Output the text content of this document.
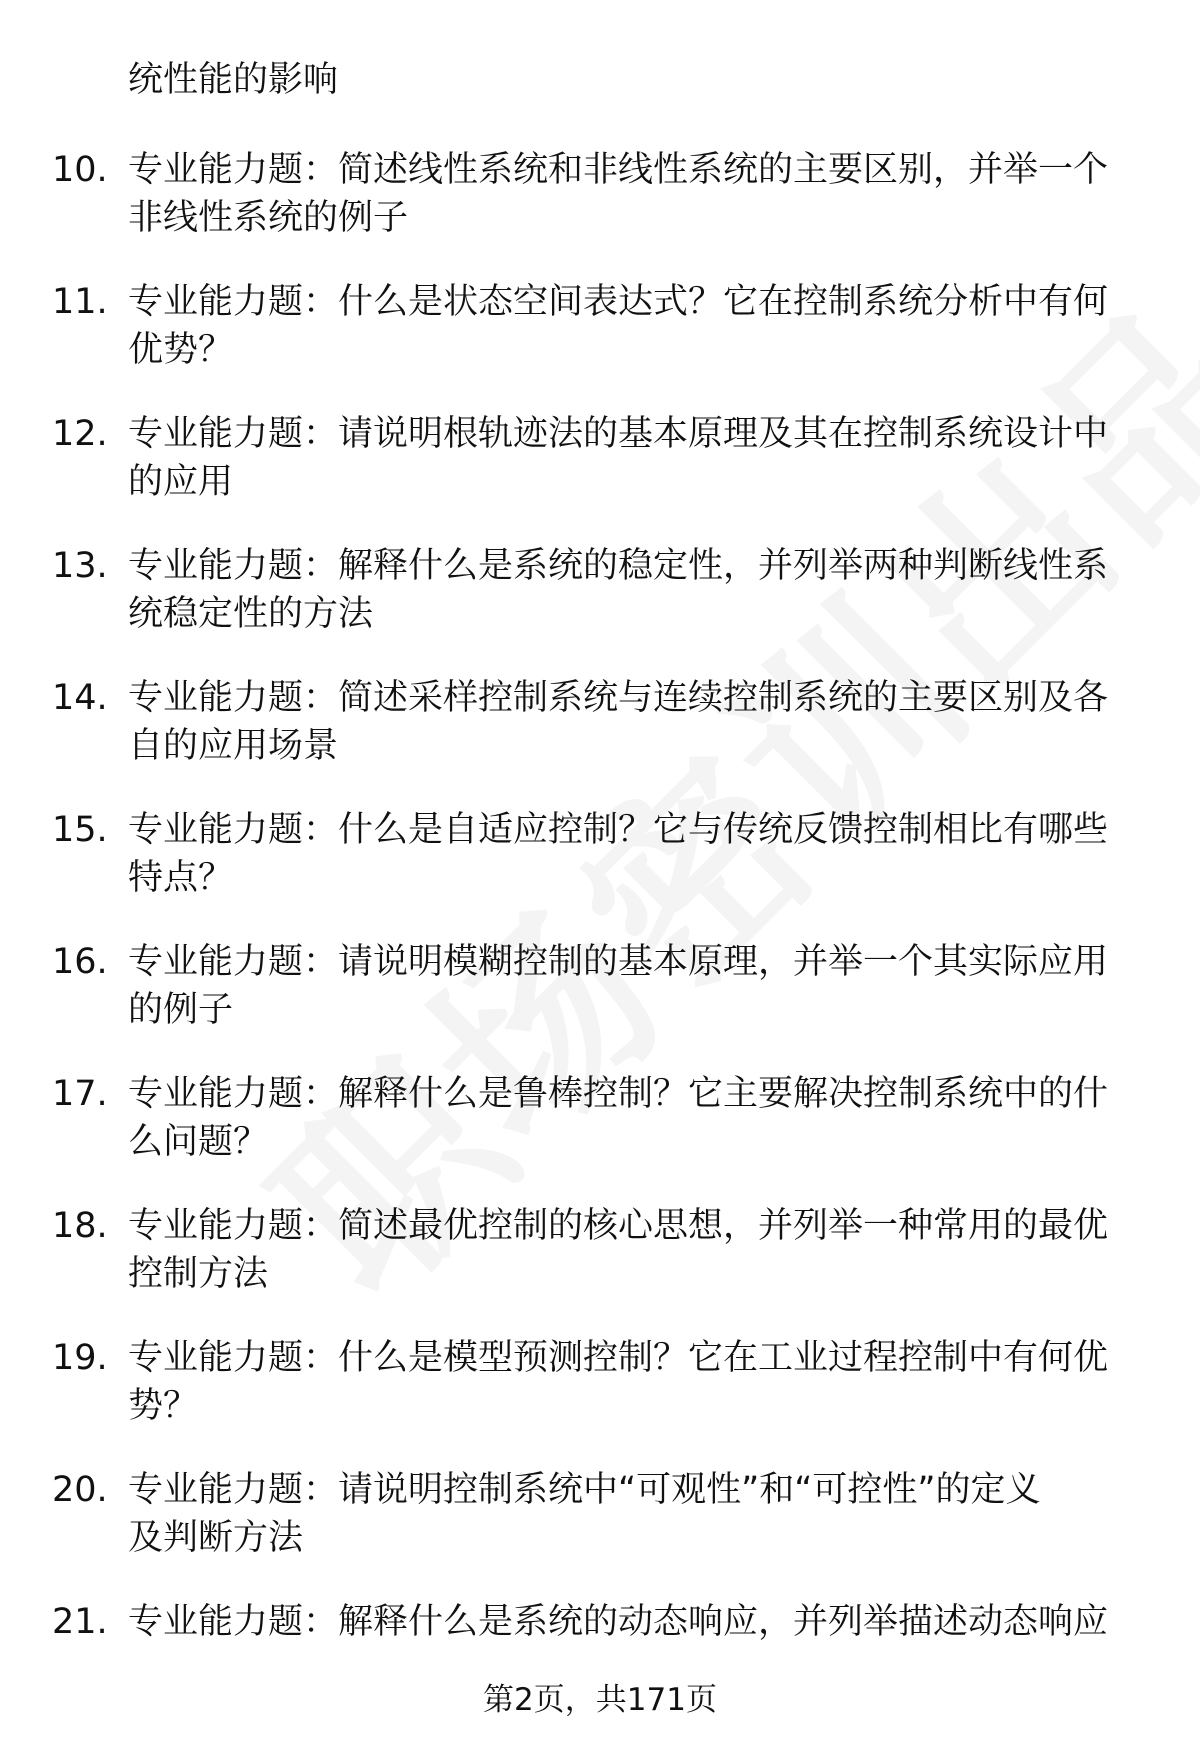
统性能的影响
10. 专业能力题：简述线性系统和非线性系统的主要区别，并举一个
非线性系统的例子
11. 专业能力题：什么是状态空间表达式？它在控制系统分析中有何
优势？
12. 专业能力题：请说明根轨迹法的基本原理及其在控制系统设计中
的应用
13. 专业能力题：解释什么是系统的稳定性，并列举两种判断线性系
统稳定性的方法
14. 专业能力题：简述采样控制系统与连续控制系统的主要区别及各
自的应用场景
15. 专业能力题：什么是自适应控制？它与传统反馈控制相比有哪些
特点？
16. 专业能力题：请说明模糊控制的基本原理，并举一个其实际应用
的例子
17. 专业能力题：解释什么是鲁棒控制？它主要解决控制系统中的什
么问题？
18. 专业能力题：简述最优控制的核心思想，并列举一种常用的最优
控制方法
19. 专业能力题：什么是模型预测控制？它在工业过程控制中有何优
势？
20. 专业能力题：请说明控制系统中“可观性”和“可控性”的定义
及判断方法
21. 专业能力题：解释什么是系统的动态响应，并列举描述动态响应
第2页，共171页
